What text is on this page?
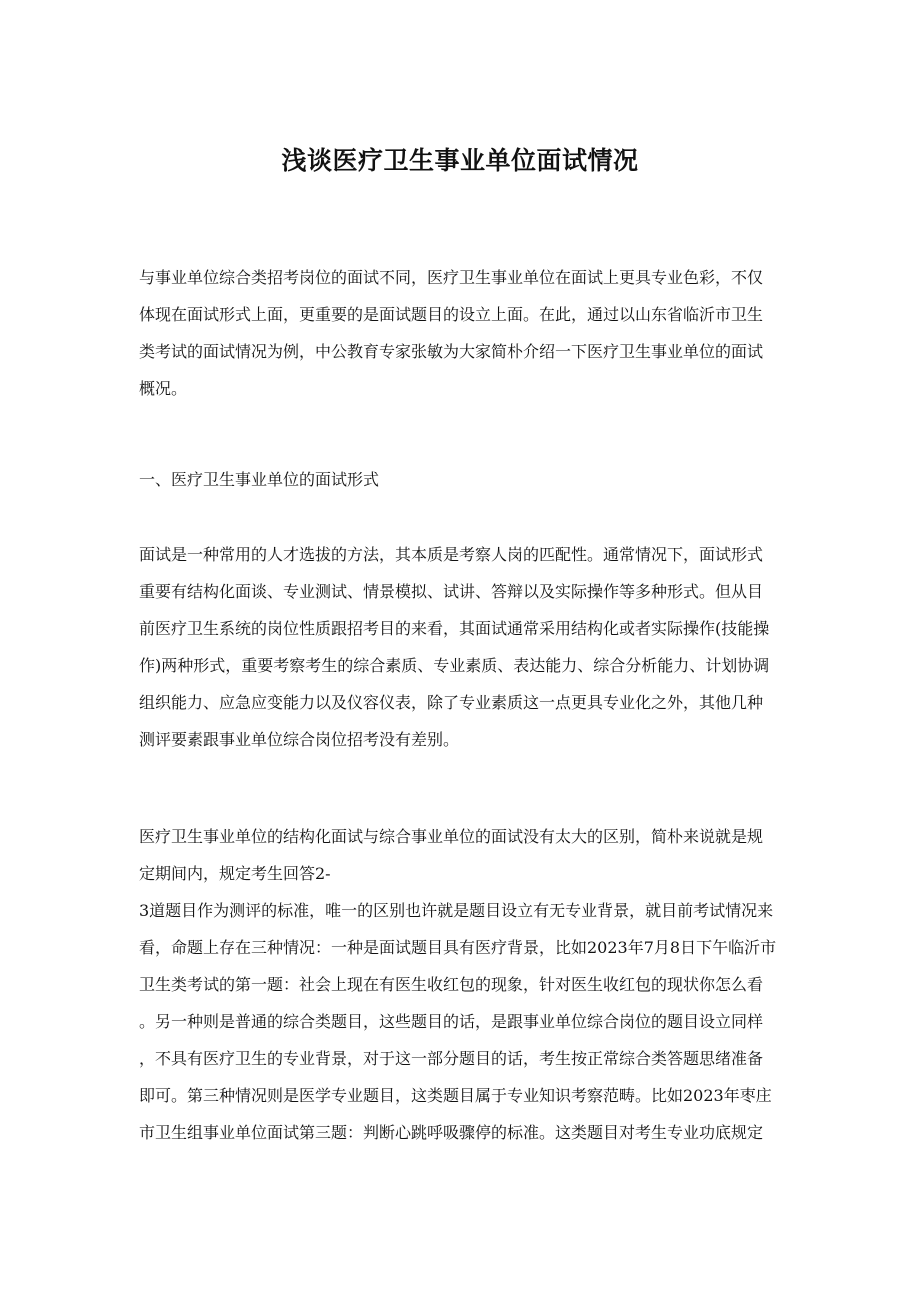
浅谈医疗卫生事业单位面试情况

与事业单位综合类招考岗位的面试不同，医疗卫生事业单位在面试上更具专业色彩，不仅
体现在面试形式上面，更重要的是面试题目的设立上面。在此，通过以山东省临沂市卫生
类考试的面试情况为例，中公教育专家张敏为大家简朴介绍一下医疗卫生事业单位的面试
概况。

一、医疗卫生事业单位的面试形式

面试是一种常用的人才选拔的方法，其本质是考察人岗的匹配性。通常情况下，面试形式
重要有结构化面谈、专业测试、情景模拟、试讲、答辩以及实际操作等多种形式。但从目
前医疗卫生系统的岗位性质跟招考目的来看，其面试通常采用结构化或者实际操作(技能操
作)两种形式，重要考察考生的综合素质、专业素质、表达能力、综合分析能力、计划协调
组织能力、应急应变能力以及仪容仪表，除了专业素质这一点更具专业化之外，其他几种
测评要素跟事业单位综合岗位招考没有差别。

医疗卫生事业单位的结构化面试与综合事业单位的面试没有太大的区别，简朴来说就是规
定期间内，规定考生回答2-
3道题目作为测评的标准，唯一的区别也许就是题目设立有无专业背景，就目前考试情况来
看，命题上存在三种情况：一种是面试题目具有医疗背景，比如2023年7月8日下午临沂市
卫生类考试的第一题：社会上现在有医生收红包的现象，针对医生收红包的现状你怎么看
。另一种则是普通的综合类题目，这些题目的话，是跟事业单位综合岗位的题目设立同样
，不具有医疗卫生的专业背景，对于这一部分题目的话，考生按正常综合类答题思绪准备
即可。第三种情况则是医学专业题目，这类题目属于专业知识考察范畴。比如2023年枣庄
市卫生组事业单位面试第三题：判断心跳呼吸骤停的标准。这类题目对考生专业功底规定
